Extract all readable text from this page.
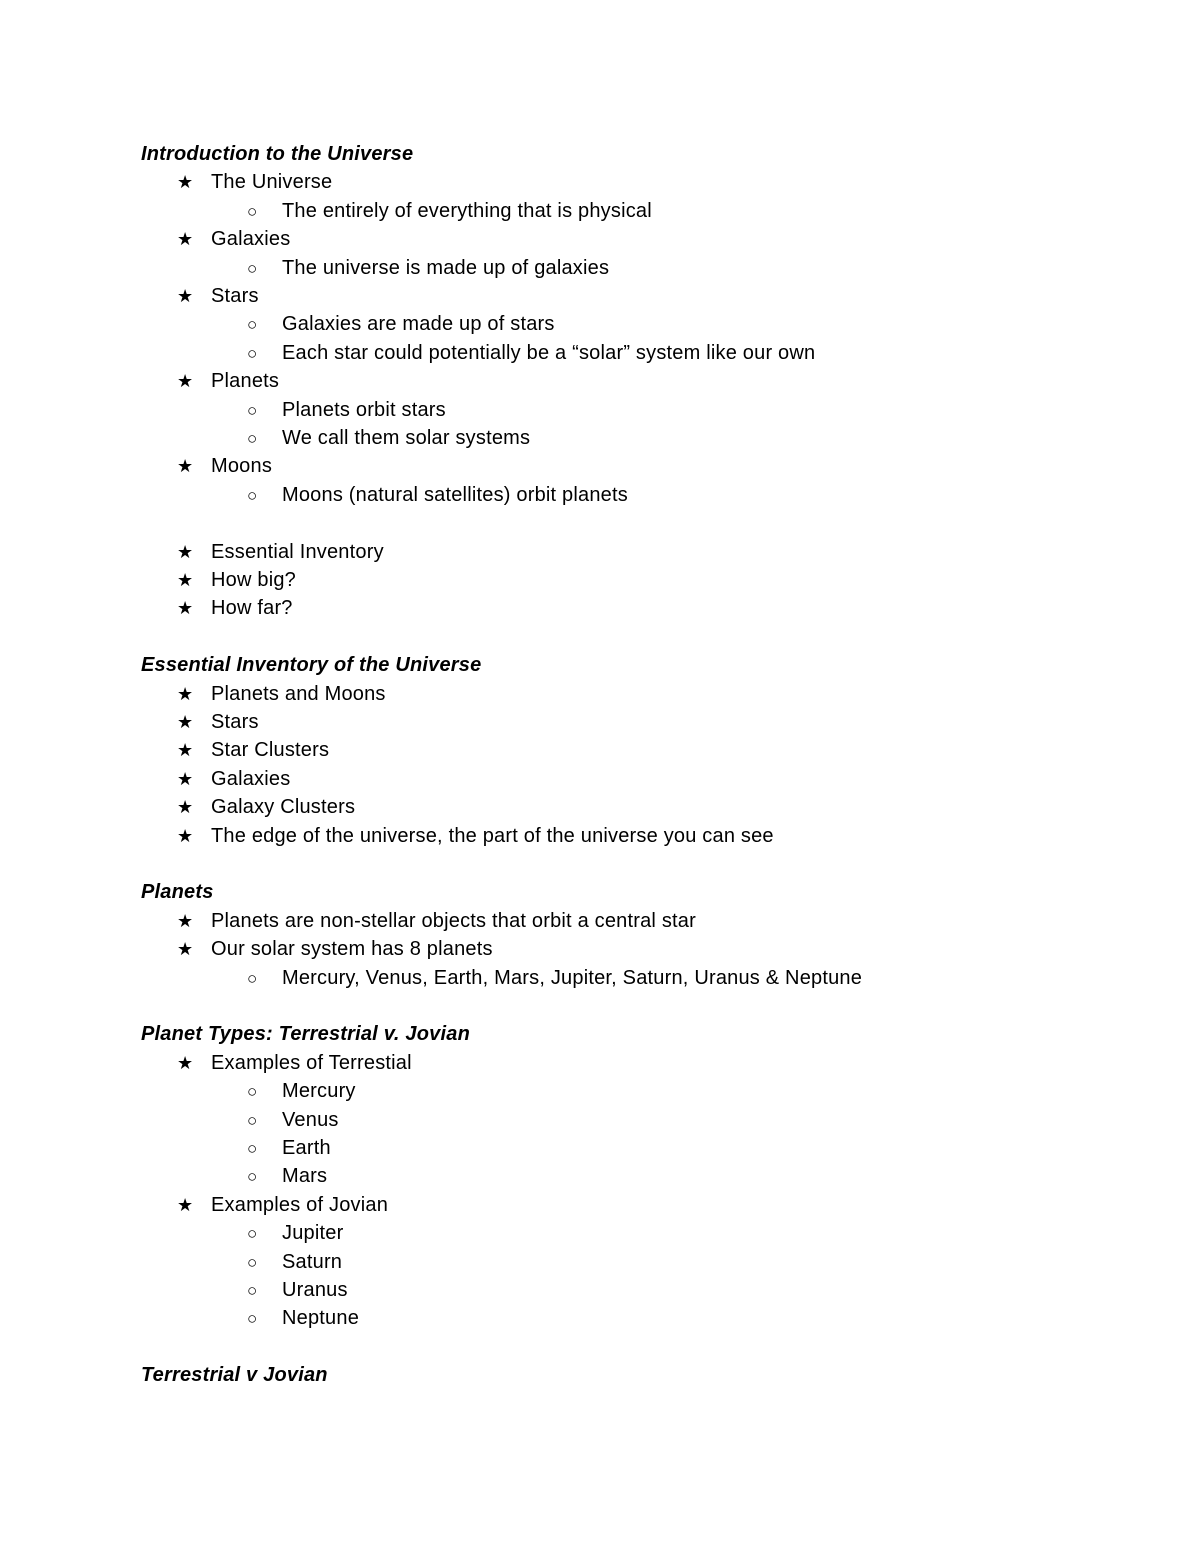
Introduction to the Universe
★ The Universe
○ The entirely of everything that is physical
★ Galaxies
○ The universe is made up of galaxies
★ Stars
○ Galaxies are made up of stars
○ Each star could potentially be a “solar” system like our own
★ Planets
○ Planets orbit stars
○ We call them solar systems
★ Moons
○ Moons (natural satellites) orbit planets
★ Essential Inventory
★ How big?
★ How far?
Essential Inventory of the Universe
★ Planets and Moons
★ Stars
★ Star Clusters
★ Galaxies
★ Galaxy Clusters
★ The edge of the universe, the part of the universe you can see
Planets
★ Planets are non-stellar objects that orbit a central star
★ Our solar system has 8 planets
○ Mercury, Venus, Earth, Mars, Jupiter, Saturn, Uranus & Neptune
Planet Types: Terrestrial v. Jovian
★ Examples of Terrestial
○ Mercury
○ Venus
○ Earth
○ Mars
★ Examples of Jovian
○ Jupiter
○ Saturn
○ Uranus
○ Neptune
Terrestrial v Jovian
